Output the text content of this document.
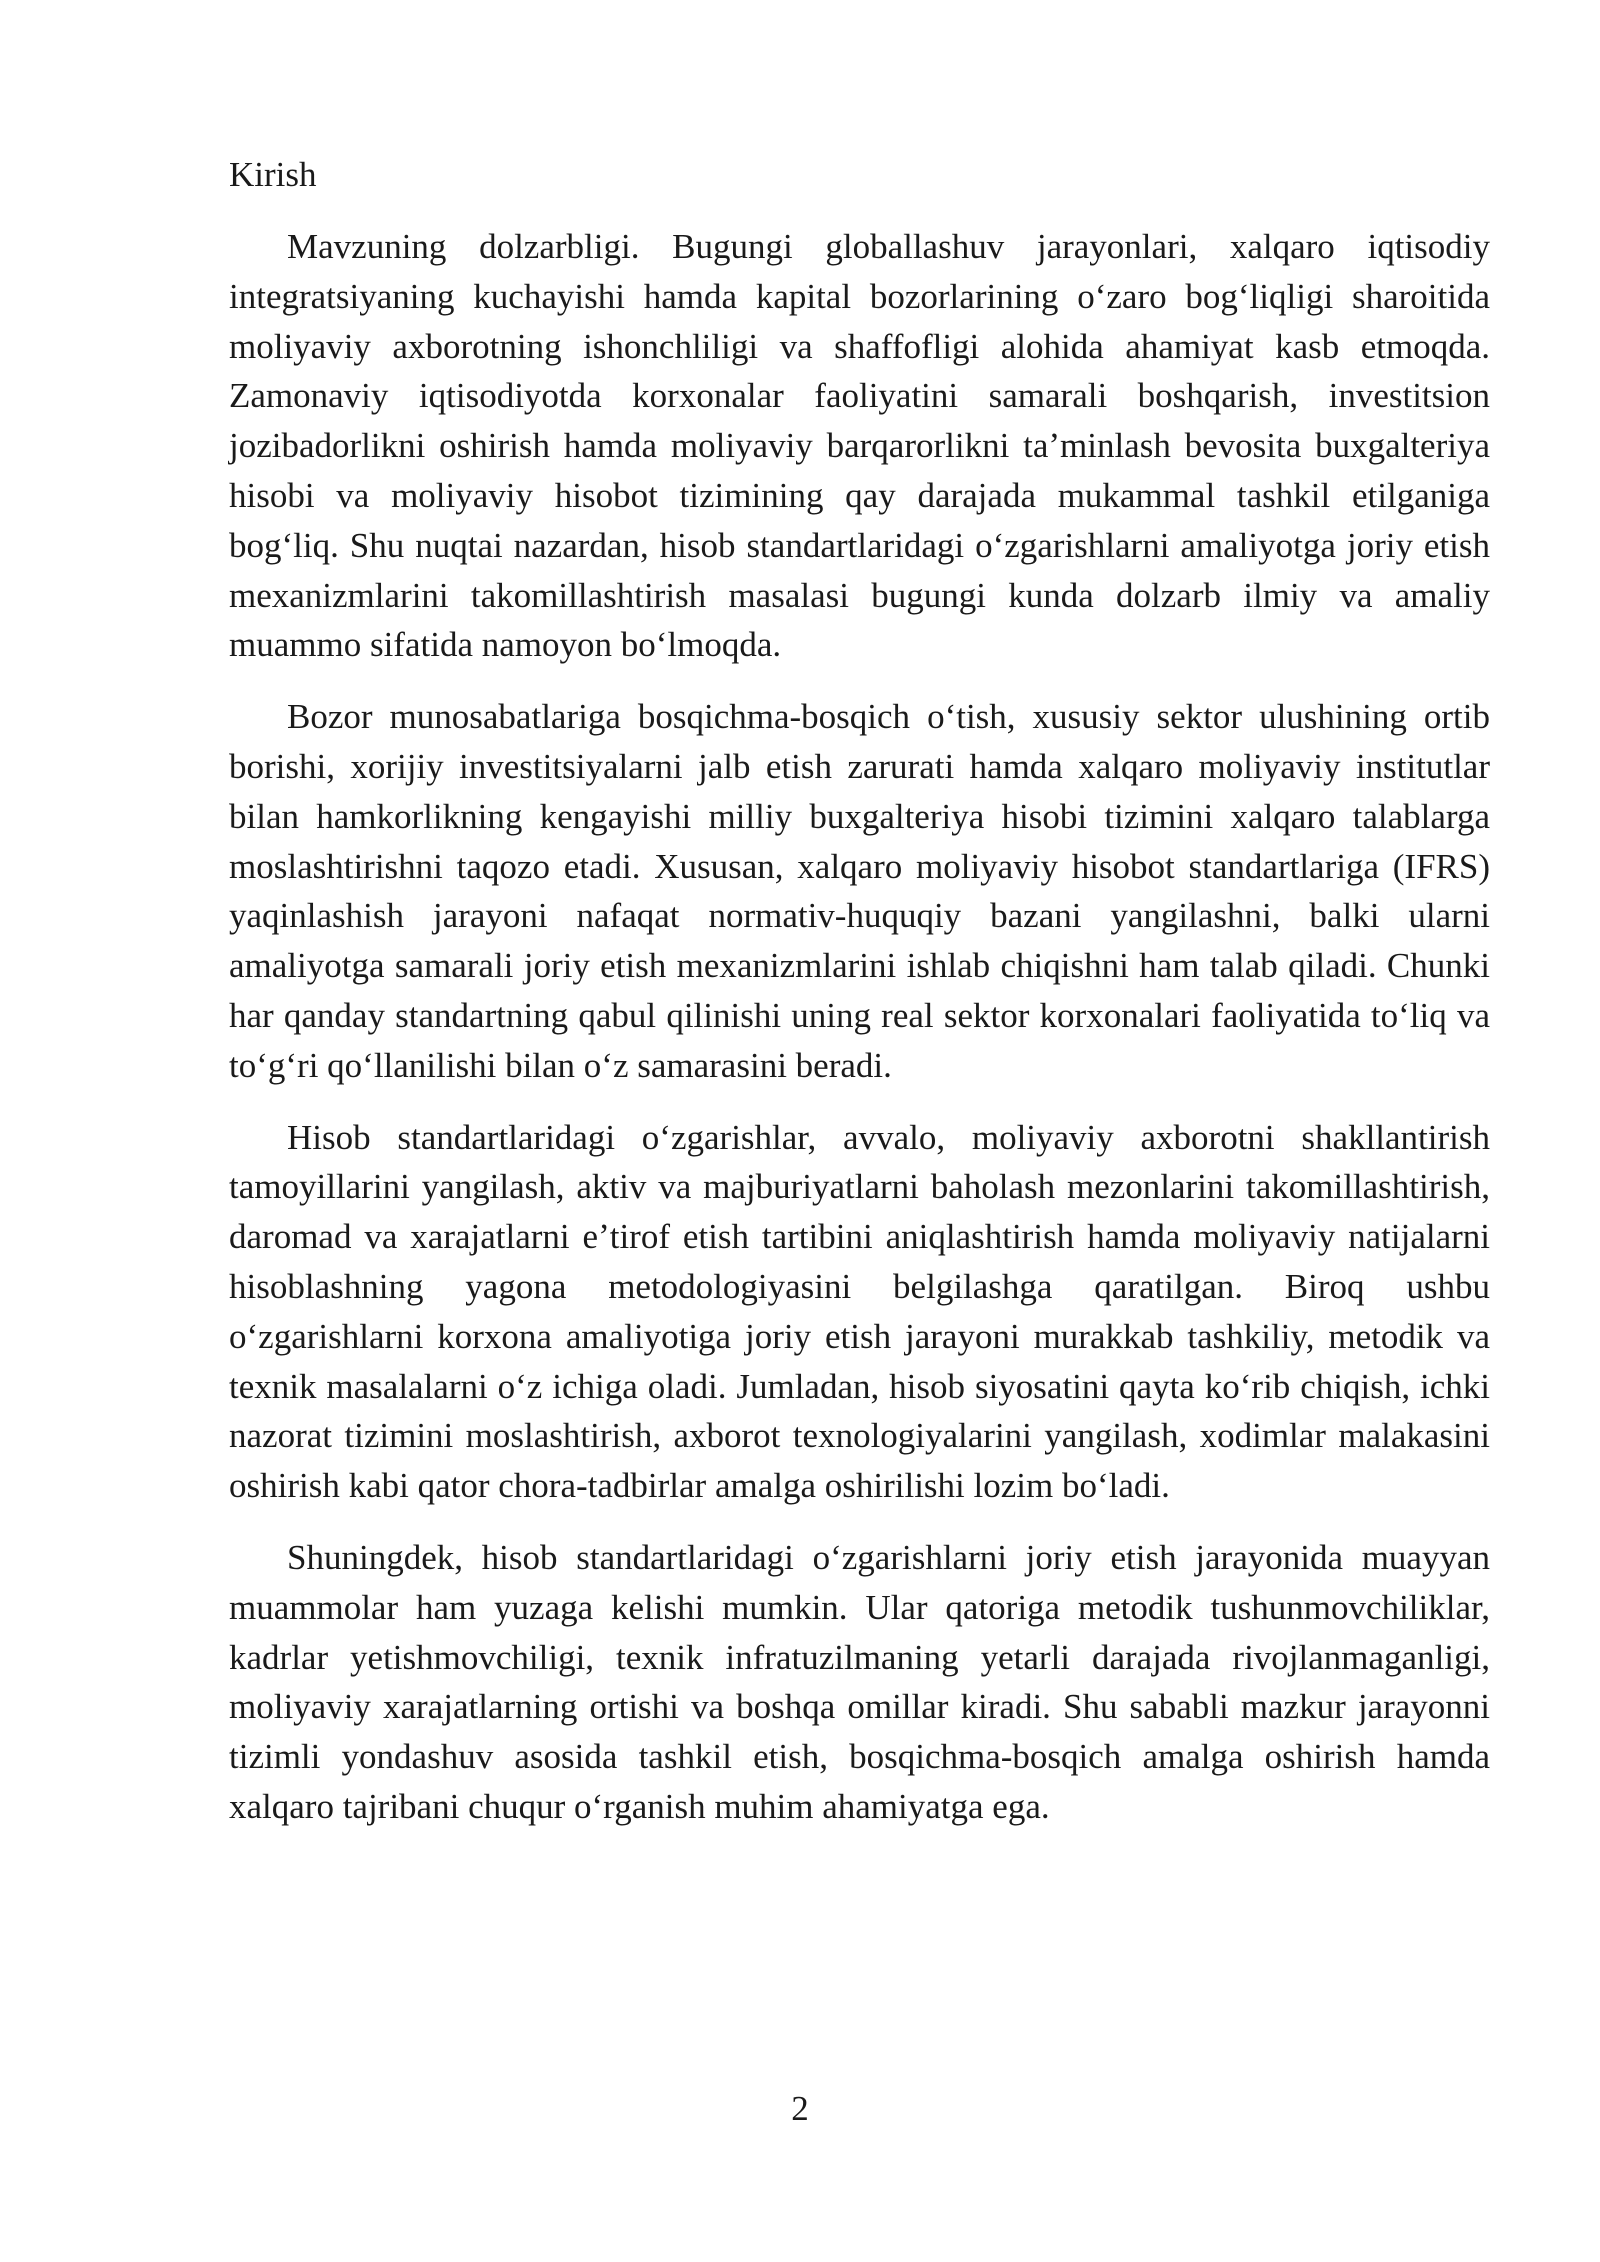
Kirish

Mavzuning dolzarbligi. Bugungi globallashuv jarayonlari, xalqaro iqtisodiy integratsiyaning kuchayishi hamda kapital bozorlarining oʻzaro bogʻliqligi sharoitida moliyaviy axborotning ishonchliligi va shaffofligi alohida ahamiyat kasb etmoqda. Zamonaviy iqtisodiyotda korxonalar faoliyatini samarali boshqarish, investitsion jozibadorlikni oshirish hamda moliyaviy barqarorlikni taʼminlash bevosita buxgalteriya hisobi va moliyaviy hisobot tizimining qay darajada mukammal tashkil etilganiga bogʻliq. Shu nuqtai nazardan, hisob standartlaridagi oʻzgarishlarni amaliyotga joriy etish mexanizmlarini takomillashtirish masalasi bugungi kunda dolzarb ilmiy va amaliy muammo sifatida namoyon boʻlmoqda.

Bozor munosabatlariga bosqichma-bosqich oʻtish, xususiy sektor ulushining ortib borishi, xorijiy investitsiyalarni jalb etish zarurati hamda xalqaro moliyaviy institutlar bilan hamkorlikning kengayishi milliy buxgalteriya hisobi tizimini xalqaro talablarga moslashtirishni taqozo etadi. Xususan, xalqaro moliyaviy hisobot standartlariga (IFRS) yaqinlashish jarayoni nafaqat normativ-huquqiy bazani yangilashni, balki ularni amaliyotga samarali joriy etish mexanizmlarini ishlab chiqishni ham talab qiladi. Chunki har qanday standartning qabul qilinishi uning real sektor korxonalari faoliyatida toʻliq va toʻgʻri qoʻllanilishi bilan oʻz samarasini beradi.

Hisob standartlaridagi oʻzgarishlar, avvalo, moliyaviy axborotni shakllantirish tamoyillarini yangilash, aktiv va majburiyatlarni baholash mezonlarini takomillashtirish, daromad va xarajatlarni eʼtirof etish tartibini aniqlashtirish hamda moliyaviy natijalarni hisoblashning yagona metodologiyasini belgilashga qaratilgan. Biroq ushbu oʻzgarishlarni korxona amaliyotiga joriy etish jarayoni murakkab tashkiliy, metodik va texnik masalalarni oʻz ichiga oladi. Jumladan, hisob siyosatini qayta koʻrib chiqish, ichki nazorat tizimini moslashtirish, axborot texnologiyalarini yangilash, xodimlar malakasini oshirish kabi qator chora-tadbirlar amalga oshirilishi lozim boʻladi.

Shuningdek, hisob standartlaridagi oʻzgarishlarni joriy etish jarayonida muayyan muammolar ham yuzaga kelishi mumkin. Ular qatoriga metodik tushunmovchiliklar, kadrlar yetishmovchiligi, texnik infratuzilmaning yetarli darajada rivojlanmaganligi, moliyaviy xarajatlarning ortishi va boshqa omillar kiradi. Shu sababli mazkur jarayonni tizimli yondashuv asosida tashkil etish, bosqichma-bosqich amalga oshirish hamda xalqaro tajribani chuqur oʻrganish muhim ahamiyatga ega.

2
